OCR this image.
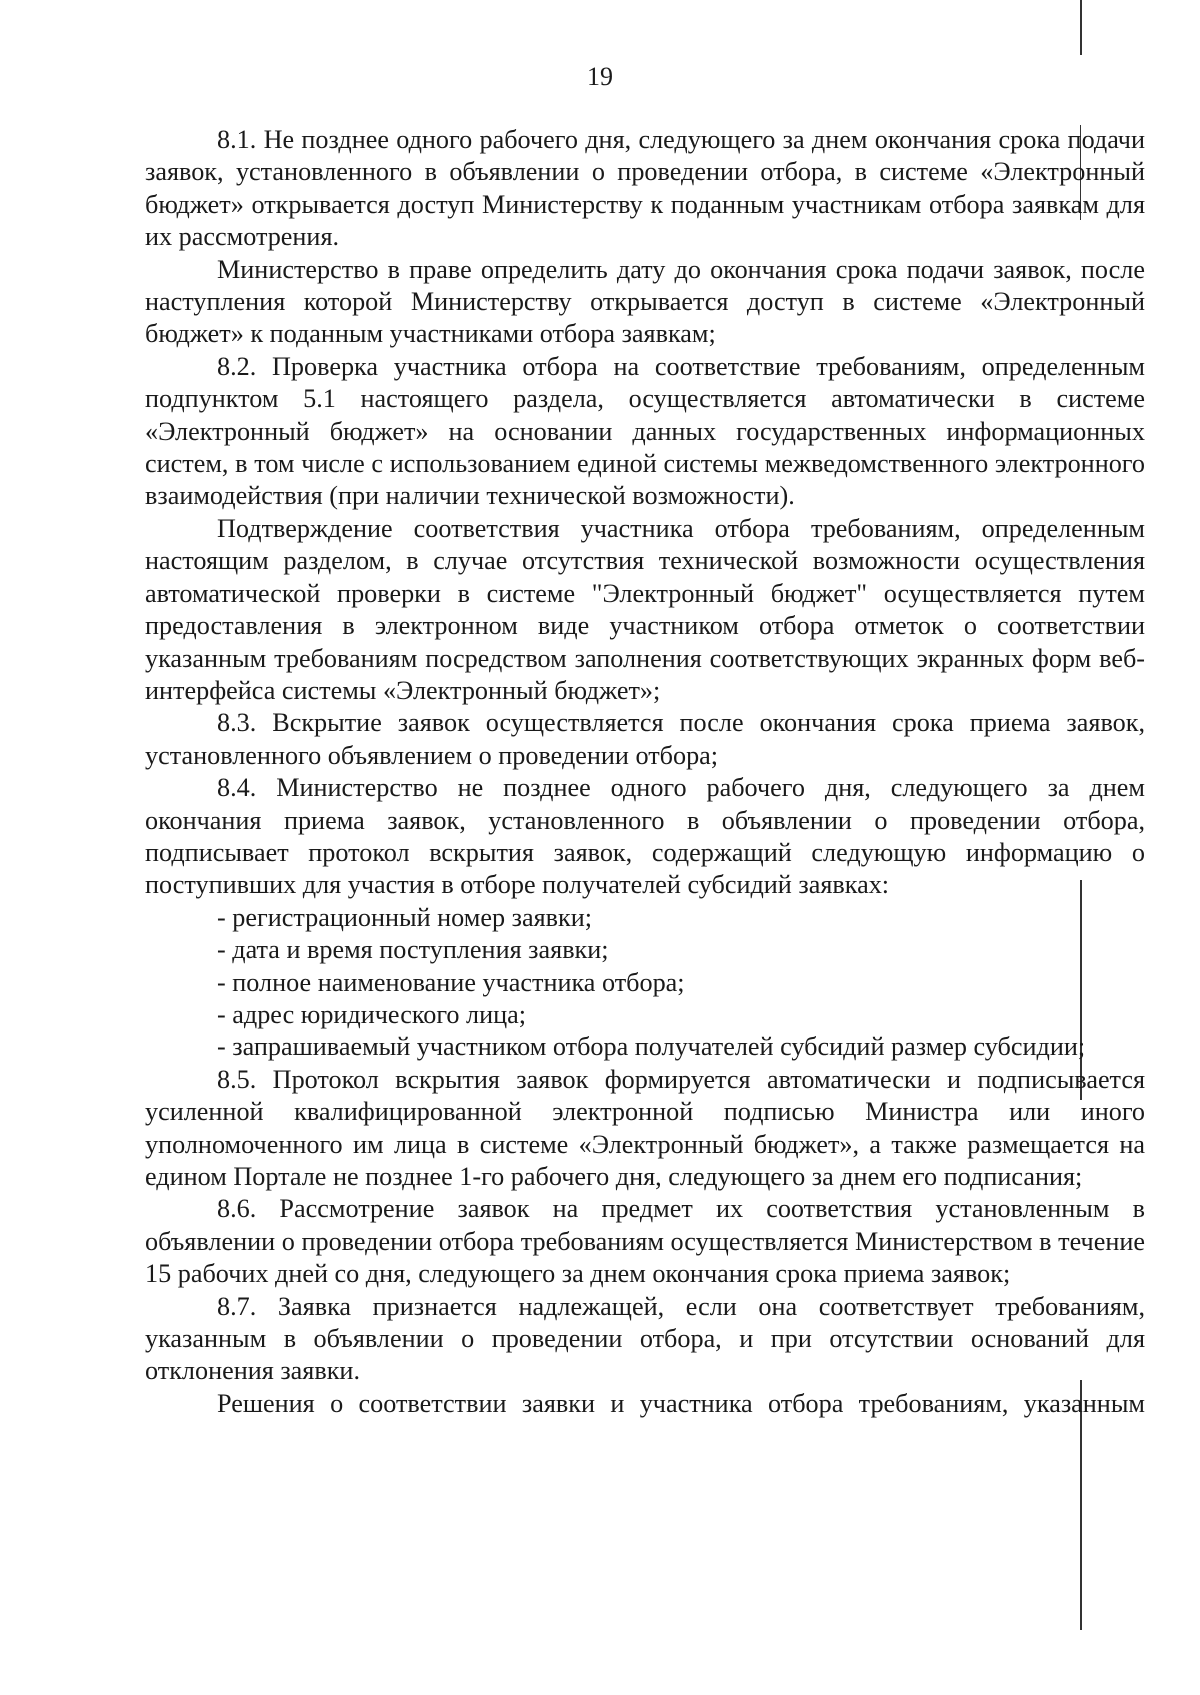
19

8.1. Не позднее одного рабочего дня, следующего за днем окончания срока подачи заявок, установленного в объявлении о проведении отбора, в системе «Электронный бюджет» открывается доступ Министерству к поданным участникам отбора заявкам для их рассмотрения.

Министерство в праве определить дату до окончания срока подачи заявок, после наступления которой Министерству открывается доступ в системе «Электронный бюджет» к поданным участниками отбора заявкам;

8.2. Проверка участника отбора на соответствие требованиям, определенным подпунктом 5.1 настоящего раздела, осуществляется автоматически в системе «Электронный бюджет» на основании данных государственных информационных систем, в том числе с использованием единой системы межведомственного электронного взаимодействия (при наличии технической возможности).

Подтверждение соответствия участника отбора требованиям, определенным настоящим разделом, в случае отсутствия технической возможности осуществления автоматической проверки в системе "Электронный бюджет" осуществляется путем предоставления в электронном виде участником отбора отметок о соответствии указанным требованиям посредством заполнения соответствующих экранных форм веб-интерфейса системы «Электронный бюджет»;

8.3. Вскрытие заявок осуществляется после окончания срока приема заявок, установленного объявлением о проведении отбора;

8.4. Министерство не позднее одного рабочего дня, следующего за днем окончания приема заявок, установленного в объявлении о проведении отбора, подписывает протокол вскрытия заявок, содержащий следующую информацию о поступивших для участия в отборе получателей субсидий заявках:

- регистрационный номер заявки;

- дата и время поступления заявки;

- полное наименование участника отбора;

- адрес юридического лица;

- запрашиваемый участником отбора получателей субсидий размер субсидии;

8.5. Протокол вскрытия заявок формируется автоматически и подписывается усиленной квалифицированной электронной подписью Министра или иного уполномоченного им лица в системе «Электронный бюджет», а также размещается на едином Портале не позднее 1-го рабочего дня, следующего за днем его подписания;

8.6. Рассмотрение заявок на предмет их соответствия установленным в объявлении о проведении отбора требованиям осуществляется Министерством в течение 15 рабочих дней со дня, следующего за днем окончания срока приема заявок;

8.7. Заявка признается надлежащей, если она соответствует требованиям, указанным в объявлении о проведении отбора, и при отсутствии оснований для отклонения заявки.

Решения о соответствии заявки и участника отбора требованиям, указанным
